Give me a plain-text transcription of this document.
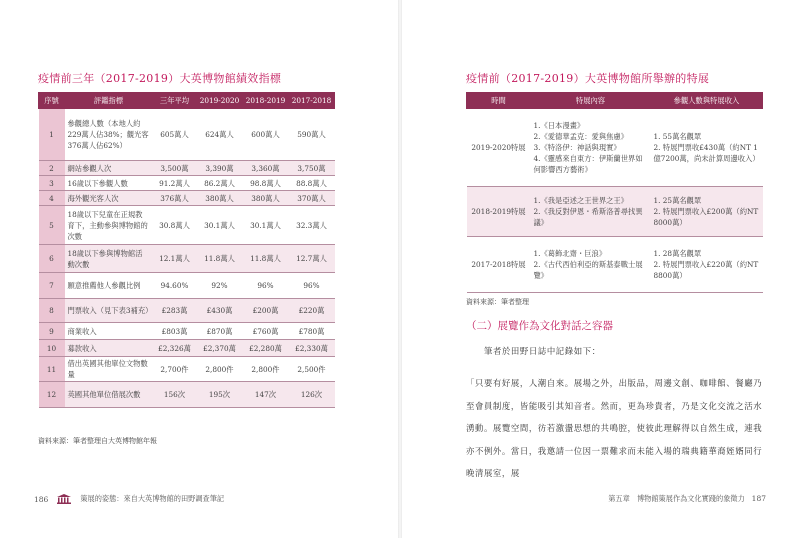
疫情前三年（2017-2019）大英博物館績效指標
序號	評鑑指標	三年平均	2019-2020	2018-2019	2017-2018
1	參觀總人數（本地人約229萬人佔38%；觀光客376萬人佔62%）	605萬人	624萬人	600萬人	590萬人
2	網站參觀人次	3,500萬	3,390萬	3,360萬	3,750萬
3	16歲以下參觀人數	91.2萬人	86.2萬人	98.8萬人	88.8萬人
4	海外觀光客人次	376萬人	380萬人	380萬人	370萬人
5	18歲以下兒童在正規教育下，主動參與博物館的次數	30.8萬人	30.1萬人	30.1萬人	32.3萬人
6	18歲以下參與博物館活動次數	12.1萬人	11.8萬人	11.8萬人	12.7萬人
7	願意推薦他人參觀比例	94.60%	92%	96%	96%
8	門票收入（見下表3補充）	£283萬	£430萬	£200萬	£220萬
9	商業收入	£803萬	£870萬	£760萬	£780萬
10	募款收入	£2,326萬	£2,370萬	£2,280萬	£2,330萬
11	借出英國其他單位文物數量	2,700件	2,800件	2,800件	2,500件
12	英國其他單位借展次數	156次	195次	147次	126次

資料來源：筆者整理自大英博物館年報

186	策展的姿態：來自大英博物館的田野調查筆記
疫情前（2017-2019）大英博物館所舉辦的特展
時間	特展內容	參觀人數與特展收入
2019-2020特展	1.《日本漫畫》
2.《愛德華孟克：愛與焦慮》
3.《特洛伊：神話與現實》
4.《靈感來自東方：伊斯蘭世界如何影響西方藝術》	1. 55萬名觀眾
2. 特展門票收£430萬（約NT 1億7200萬，尚未計算周邊收入）
2018-2019特展	1.《我是亞述之王世界之王》
2.《我反對伊恩・希斯洛普尋找異議》	1. 25萬名觀眾
2. 特展門票收入£200萬（約NT 8000萬）
2017-2018特展	1.《葛飾北齋・巨浪》
2.《古代西伯利亞的斯基泰戰士展覽》	1. 28萬名觀眾
2. 特展門票收入£220萬（約NT 8800萬）

資料來源：筆者整理

（二）展覽作為文化對話之容器

筆者於田野日誌中記錄如下：

「只要有好展，人潮自來。展場之外，出版品，周邊文創、咖啡館、餐廳乃至會員制度，皆能吸引其知音者。然而，更為珍貴者，乃是文化交流之活水湧動。展覽空間，彷若激盪思想的共鳴腔，使彼此理解得以自然生成，連我亦不例外。當日，我邀請一位因一票難求而未能入場的瑞典籍華裔姪婿同行晚清展室，展

第五章　博物館策展作為文化實踐的象徵力 187
